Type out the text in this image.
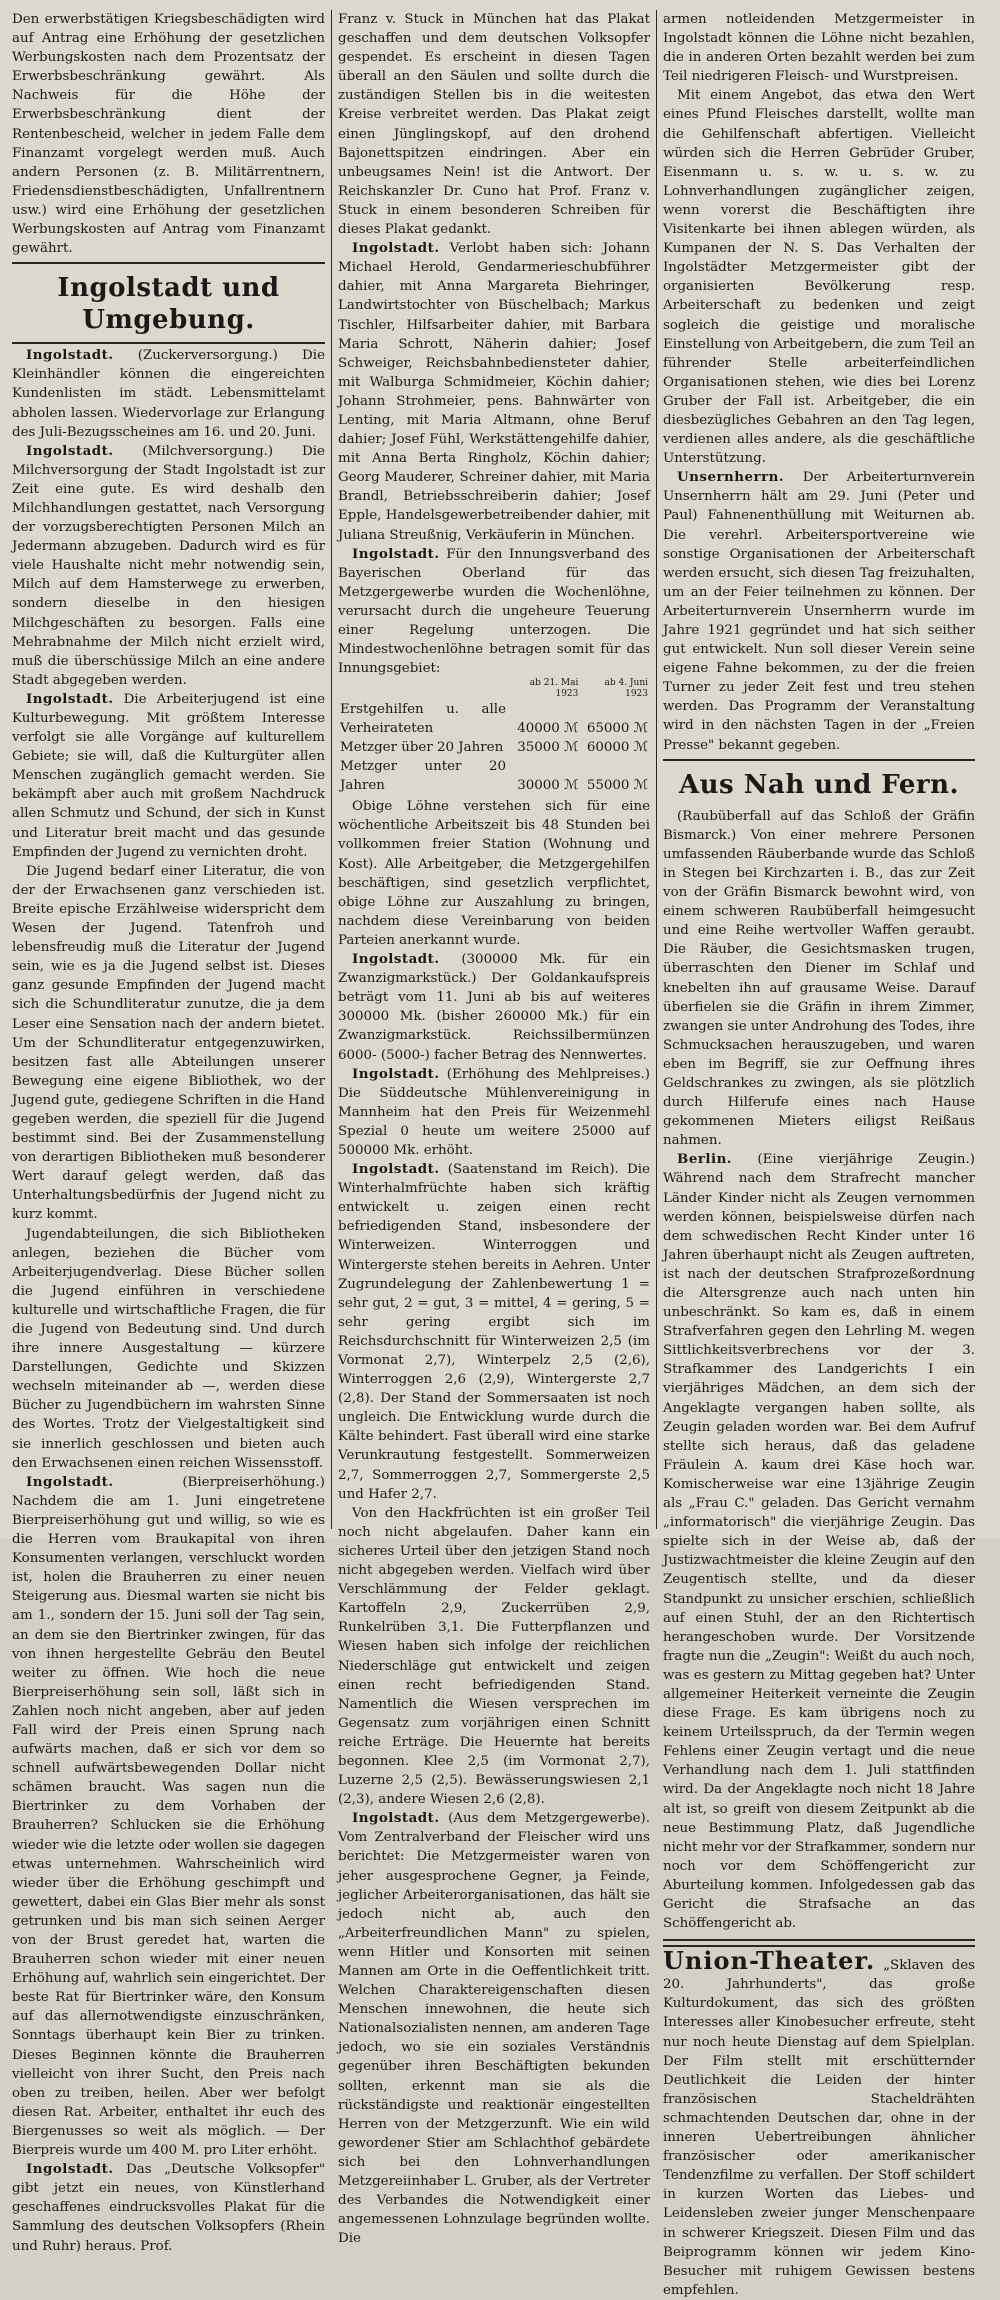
Den erwerbstätigen Kriegsbeschädigten wird auf Antrag eine Erhöhung der gesetzlichen Werbungskosten nach dem Prozentsatz der Erwerbsbeschränkung gewährt. Als Nachweis für die Höhe der Erwerbsbeschränkung dient der Rentenbescheid, welcher in jedem Falle dem Finanzamt vorgelegt werden muß. Auch andern Personen (z. B. Militärrentnern, Friedensdienstbeschädigten, Unfallrentnern usw.) wird eine Erhöhung der gesetzlichen Werbungskosten auf Antrag vom Finanzamt gewährt.

Ingolstadt und Umgebung.

Ingolstadt. (Zuckerversorgung.) Die Kleinhändler können die eingereichten Kundenlisten im städt. Lebensmittelamt abholen lassen. Wiedervorlage zur Erlangung des Juli-Bezugsscheines am 16. und 20. Juni.

Ingolstadt. (Milchversorgung.) Die Milchversorgung der Stadt Ingolstadt ist zur Zeit eine gute. Es wird deshalb den Milchhandlungen gestattet, nach Versorgung der vorzugsberechtigten Personen Milch an Jedermann abzugeben. Dadurch wird es für viele Haushalte nicht mehr notwendig sein, Milch auf dem Hamsterwege zu erwerben, sondern dieselbe in den hiesigen Milchgeschäften zu besorgen. Falls eine Mehrabnahme der Milch nicht erzielt wird, muß die überschüssige Milch an eine andere Stadt abgegeben werden.

Ingolstadt. Die Arbeiterjugend ist eine Kulturbewegung. Mit größtem Interesse verfolgt sie alle Vorgänge auf kulturellem Gebiete; sie will, daß die Kulturgüter allen Menschen zugänglich gemacht werden. Sie bekämpft aber auch mit großem Nachdruck allen Schmutz und Schund, der sich in Kunst und Literatur breit macht und das gesunde Empfinden der Jugend zu vernichten droht.

Die Jugend bedarf einer Literatur, die von der der Erwachsenen ganz verschieden ist. Breite epische Erzählweise widerspricht dem Wesen der Jugend. Tatenfroh und lebensfreudig muß die Literatur der Jugend sein, wie es ja die Jugend selbst ist. Dieses ganz gesunde Empfinden der Jugend macht sich die Schundliteratur zunutze, die ja dem Leser eine Sensation nach der andern bietet. Um der Schundliteratur entgegenzuwirken, besitzen fast alle Abteilungen unserer Bewegung eine eigene Bibliothek, wo der Jugend gute, gediegene Schriften in die Hand gegeben werden, die speziell für die Jugend bestimmt sind. Bei der Zusammenstellung von derartigen Bibliotheken muß besonderer Wert darauf gelegt werden, daß das Unterhaltungsbedürfnis der Jugend nicht zu kurz kommt.

Jugendabteilungen, die sich Bibliotheken anlegen, beziehen die Bücher vom Arbeiterjugendverlag. Diese Bücher sollen die Jugend einführen in verschiedene kulturelle und wirtschaftliche Fragen, die für die Jugend von Bedeutung sind. Und durch ihre innere Ausgestaltung — kürzere Darstellungen, Gedichte und Skizzen wechseln miteinander ab —, werden diese Bücher zu Jugendbüchern im wahrsten Sinne des Wortes. Trotz der Vielgestaltigkeit sind sie innerlich geschlossen und bieten auch den Erwachsenen einen reichen Wissensstoff.

Ingolstadt.	(Bierpreiserhöhung.) Nachdem die am 1. Juni eingetretene Bierpreiserhöhung gut und willig, so wie es die Herren vom Braukapital von ihren Konsumenten verlangen, verschluckt worden ist, holen die Brauherren zu einer neuen Steigerung aus. Diesmal warten sie nicht bis am 1., sondern der 15. Juni soll der Tag sein, an dem sie den Biertrinker zwingen, für das von ihnen hergestellte Gebräu den Beutel weiter zu öffnen. Wie hoch die neue Bierpreiserhöhung sein soll, läßt sich in Zahlen noch nicht angeben, aber auf jeden Fall wird der Preis einen Sprung nach aufwärts machen, daß er sich vor dem so schnell aufwärtsbewegenden Dollar nicht schämen braucht. Was sagen nun die Biertrinker zu dem Vorhaben der Brauherren? Schlucken sie die Erhöhung wieder wie die letzte oder wollen sie dagegen etwas unternehmen. Wahrscheinlich wird wieder über die Erhöhung geschimpft und gewettert, dabei ein Glas Bier mehr als sonst getrunken und bis man sich seinen Aerger von der Brust geredet hat, warten die Brauherren schon wieder mit einer neuen Erhöhung auf, wahrlich sein eingerichtet. Der beste Rat für Biertrinker wäre, den Konsum auf das allernotwendigste einzuschränken, Sonntags überhaupt kein Bier zu trinken. Dieses Beginnen könnte die Brauherren vielleicht von ihrer Sucht, den Preis nach oben zu treiben, heilen. Aber wer befolgt diesen Rat. Arbeiter, enthaltet ihr euch des Biergenusses so weit als möglich. — Der Bierpreis wurde um 400 M. pro Liter erhöht.

Ingolstadt. Das „Deutsche Volksopfer" gibt jetzt ein neues, von Künstlerhand geschaffenes eindrucksvolles Plakat für die Sammlung des deutschen Volksopfers (Rhein und Ruhr) heraus. Prof.

Franz v. Stuck in München hat das Plakat geschaffen und dem deutschen Volksopfer gespendet. Es erscheint in diesen Tagen überall an den Säulen und sollte durch die zuständigen Stellen bis in die weitesten Kreise verbreitet werden. Das Plakat zeigt einen Jünglingskopf, auf den drohend Bajonettspitzen eindringen. Aber ein unbeugsames Nein! ist die Antwort. Der Reichskanzler Dr. Cuno hat Prof. Franz v. Stuck in einem besonderen Schreiben für dieses Plakat gedankt.

Ingolstadt. Verlobt haben sich: Johann Michael Herold, Gendarmerieschubführer dahier, mit Anna Margareta Biehringer, Landwirtstochter von Büschelbach; Markus Tischler, Hilfsarbeiter dahier, mit Barbara Maria Schrott, Näherin dahier; Josef Schweiger, Reichsbahnbediensteter dahier, mit Walburga Schmidmeier, Köchin dahier; Johann Strohmeier, pens. Bahnwärter von Lenting, mit Maria Altmann, ohne Beruf dahier; Josef Fühl, Werkstättengehilfe dahier, mit Anna Berta Ringholz, Köchin dahier; Georg Mauderer, Schreiner dahier, mit Maria Brandl, Betriebsschreiberin dahier; Josef Epple, Handelsgewerbetreibender dahier, mit Juliana Streußnig, Verkäuferin in München.

Ingolstadt. Für den Innungsverband des Bayerischen Oberland für das Metzgergewerbe wurden die Wochenlöhne, verursacht durch die ungeheure Teuerung einer Regelung unterzogen. Die Mindestwochenlöhne betragen somit für das Innungsgebiet:

	ab 21. Mai 1923	ab 4. Juni 1923
Erstgehilfen u. alle Verheirateten	40000 ℳ	65000 ℳ
Metzger über 20 Jahren	35000 ℳ	60000 ℳ
Metzger unter 20 Jahren	30000 ℳ	55000 ℳ

Obige Löhne verstehen sich für eine wöchentliche Arbeitszeit bis 48 Stunden bei vollkommen freier Station (Wohnung und Kost). Alle Arbeitgeber, die Metzgergehilfen beschäftigen, sind gesetzlich verpflichtet, obige Löhne zur Auszahlung zu bringen, nachdem diese Vereinbarung von beiden Parteien anerkannt wurde.

Ingolstadt. (300000 Mk. für ein Zwanzigmarkstück.) Der Goldankaufspreis beträgt vom 11. Juni ab bis auf weiteres 300000 Mk. (bisher 260000 Mk.) für ein Zwanzigmarkstück. Reichssilbermünzen 6000- (5000-) facher Betrag des Nennwertes.

Ingolstadt. (Erhöhung des Mehlpreises.) Die Süddeutsche Mühlenvereinigung in Mannheim hat den Preis für Weizenmehl Spezial 0 heute um weitere 25000 auf 500000 Mk. erhöht.

Ingolstadt. (Saatenstand im Reich). Die Winterhalmfrüchte haben sich kräftig entwickelt u. zeigen einen recht befriedigenden Stand, insbesondere der Winterweizen. Winterroggen und Wintergerste stehen bereits in Aehren. Unter Zugrundelegung der Zahlenbewertung 1 = sehr gut, 2 = gut, 3 = mittel, 4 = gering, 5 = sehr gering ergibt sich im Reichsdurchschnitt für Winterweizen 2,5 (im Vormonat 2,7), Winterpelz 2,5 (2,6), Winterroggen 2,6 (2,9), Wintergerste 2,7 (2,8). Der Stand der Sommersaaten ist noch ungleich. Die Entwicklung wurde durch die Kälte behindert. Fast überall wird eine starke Verunkrautung festgestellt. Sommerweizen 2,7, Sommerroggen 2,7, Sommergerste 2,5 und Hafer 2,7.

Von den Hackfrüchten ist ein großer Teil noch nicht abgelaufen. Daher kann ein sicheres Urteil über den jetzigen Stand noch nicht abgegeben werden. Vielfach wird über Verschlämmung der Felder geklagt. Kartoffeln 2,9, Zuckerrüben 2,9, Runkelrüben 3,1. Die Futterpflanzen und Wiesen haben sich infolge der reichlichen Niederschläge gut entwickelt und zeigen einen recht befriedigenden Stand. Namentlich die Wiesen versprechen im Gegensatz zum vorjährigen einen Schnitt reiche Erträge. Die Heuernte hat bereits begonnen. Klee 2,5 (im Vormonat 2,7), Luzerne 2,5 (2,5). Bewässerungswiesen 2,1 (2,3), andere Wiesen 2,6 (2,8).

Ingolstadt. (Aus dem Metzgergewerbe). Vom Zentralverband der Fleischer wird uns berichtet: Die Metzgermeister waren von jeher ausgesprochene Gegner, ja Feinde, jeglicher Arbeiterorganisationen, das hält sie jedoch nicht ab, auch den „Arbeiterfreundlichen Mann" zu spielen, wenn Hitler und Konsorten mit seinen Mannen am Orte in die Oeffentlichkeit tritt. Welchen Charaktereigenschaften diesen Menschen innewohnen, die heute sich Nationalsozialisten nennen, am anderen Tage jedoch, wo sie ein soziales Verständnis gegenüber ihren Beschäftigten bekunden sollten, erkennt man sie als die rückständigste und reaktionär eingestellten Herren von der Metzgerzunft. Wie ein wild gewordener Stier am Schlachthof gebärdete sich bei den Lohnverhandlungen Metzgereiinhaber L. Gruber, als der Vertreter des Verbandes die Notwendigkeit einer angemessenen Lohnzulage begründen wollte. Die

armen notleidenden Metzgermeister in Ingolstadt können die Löhne nicht bezahlen, die in anderen Orten bezahlt werden bei zum Teil niedrigeren Fleisch- und Wurstpreisen.

Mit einem Angebot, das etwa den Wert eines Pfund Fleisches darstellt, wollte man die Gehilfenschaft abfertigen. Vielleicht würden sich die Herren Gebrüder Gruber, Eisenmann u. s. w. u. s. w. zu Lohnverhandlungen zugänglicher zeigen, wenn vorerst die Beschäftigten ihre Visitenkarte bei ihnen ablegen würden, als Kumpanen der N. S. Das Verhalten der Ingolstädter Metzgermeister gibt der organisierten Bevölkerung resp. Arbeiterschaft zu bedenken und zeigt sogleich die geistige und moralische Einstellung von Arbeitgebern, die zum Teil an führender Stelle arbeiterfeindlichen Organisationen stehen, wie dies bei Lorenz Gruber der Fall ist. Arbeitgeber, die ein diesbezügliches Gebahren an den Tag legen, verdienen alles andere, als die geschäftliche Unterstützung.

Unsernherrn. Der Arbeiterturnverein Unsernherrn hält am 29. Juni (Peter und Paul) Fahnenenthüllung mit Weiturnen ab. Die verehrl. Arbeitersportvereine wie sonstige Organisationen der Arbeiterschaft werden ersucht, sich diesen Tag freizuhalten, um an der Feier teilnehmen zu können. Der Arbeiterturnverein Unsernherrn wurde im Jahre 1921 gegründet und hat sich seither gut entwickelt. Nun soll dieser Verein seine eigene Fahne bekommen, zu der die freien Turner zu jeder Zeit fest und treu stehen werden. Das Programm der Veranstaltung wird in den nächsten Tagen in der „Freien Presse" bekannt gegeben.

Aus Nah und Fern.

(Raubüberfall auf das Schloß der Gräfin Bismarck.) Von einer mehrere Personen umfassenden Räuberbande wurde das Schloß in Stegen bei Kirchzarten i. B., das zur Zeit von der Gräfin Bismarck bewohnt wird, von einem schweren Raubüberfall heimgesucht und eine Reihe wertvoller Waffen geraubt. Die Räuber, die Gesichtsmasken trugen, überraschten den Diener im Schlaf und knebelten ihn auf grausame Weise. Darauf überfielen sie die Gräfin in ihrem Zimmer, zwangen sie unter Androhung des Todes, ihre Schmucksachen herauszugeben, und waren eben im Begriff, sie zur Oeffnung ihres Geldschrankes zu zwingen, als sie plötzlich durch Hilferufe eines nach Hause gekommenen Mieters eiligst Reißaus nahmen.

Berlin. (Eine vierjährige Zeugin.) Während nach dem Strafrecht mancher Länder Kinder nicht als Zeugen vernommen werden können, beispielsweise dürfen nach dem schwedischen Recht Kinder unter 16 Jahren überhaupt nicht als Zeugen auftreten, ist nach der deutschen Strafprozeßordnung die Altersgrenze auch nach unten hin unbeschränkt. So kam es, daß in einem Strafverfahren gegen den Lehrling M. wegen Sittlichkeitsverbrechens vor der 3. Strafkammer des Landgerichts I ein vierjähriges Mädchen, an dem sich der Angeklagte vergangen haben sollte, als Zeugin geladen worden war. Bei dem Aufruf stellte sich heraus, daß das geladene Fräulein A. kaum drei Käse hoch war. Komischerweise war eine 13jährige Zeugin als „Frau C." geladen. Das Gericht vernahm „informatorisch" die vierjährige Zeugin. Das spielte sich in der Weise ab, daß der Justizwachtmeister die kleine Zeugin auf den Zeugentisch stellte, und da dieser Standpunkt zu unsicher erschien, schließlich auf einen Stuhl, der an den Richtertisch herangeschoben wurde. Der Vorsitzende fragte nun die „Zeugin": Weißt du auch noch, was es gestern zu Mittag gegeben hat? Unter allgemeiner Heiterkeit verneinte die Zeugin diese Frage. Es kam übrigens noch zu keinem Urteilsspruch, da der Termin wegen Fehlens einer Zeugin vertagt und die neue Verhandlung nach dem 1. Juli stattfinden wird. Da der Angeklagte noch nicht 18 Jahre alt ist, so greift von diesem Zeitpunkt ab die neue Bestimmung Platz, daß Jugendliche nicht mehr vor der Strafkammer, sondern nur noch vor dem Schöffengericht zur Aburteilung kommen. Infolgedessen gab das Gericht die Strafsache an das Schöffengericht ab.

Union-Theater. „Sklaven des 20. Jahrhunderts", das große Kulturdokument, das sich des größten Interesses aller Kinobesucher erfreute, steht nur noch heute Dienstag auf dem Spielplan. Der Film stellt mit erschütternder Deutlichkeit die Leiden der hinter französischen Stacheldrähten schmachtenden Deutschen dar, ohne in der inneren Uebertreibungen ähnlicher französischer oder amerikanischer Tendenzfilme zu verfallen. Der Stoff schildert in kurzen Worten das Liebes- und Leidensleben zweier junger Menschenpaare in schwerer Kriegszeit. Diesen Film und das Beiprogramm können wir jedem Kino-Besucher mit ruhigem Gewissen bestens empfehlen.
